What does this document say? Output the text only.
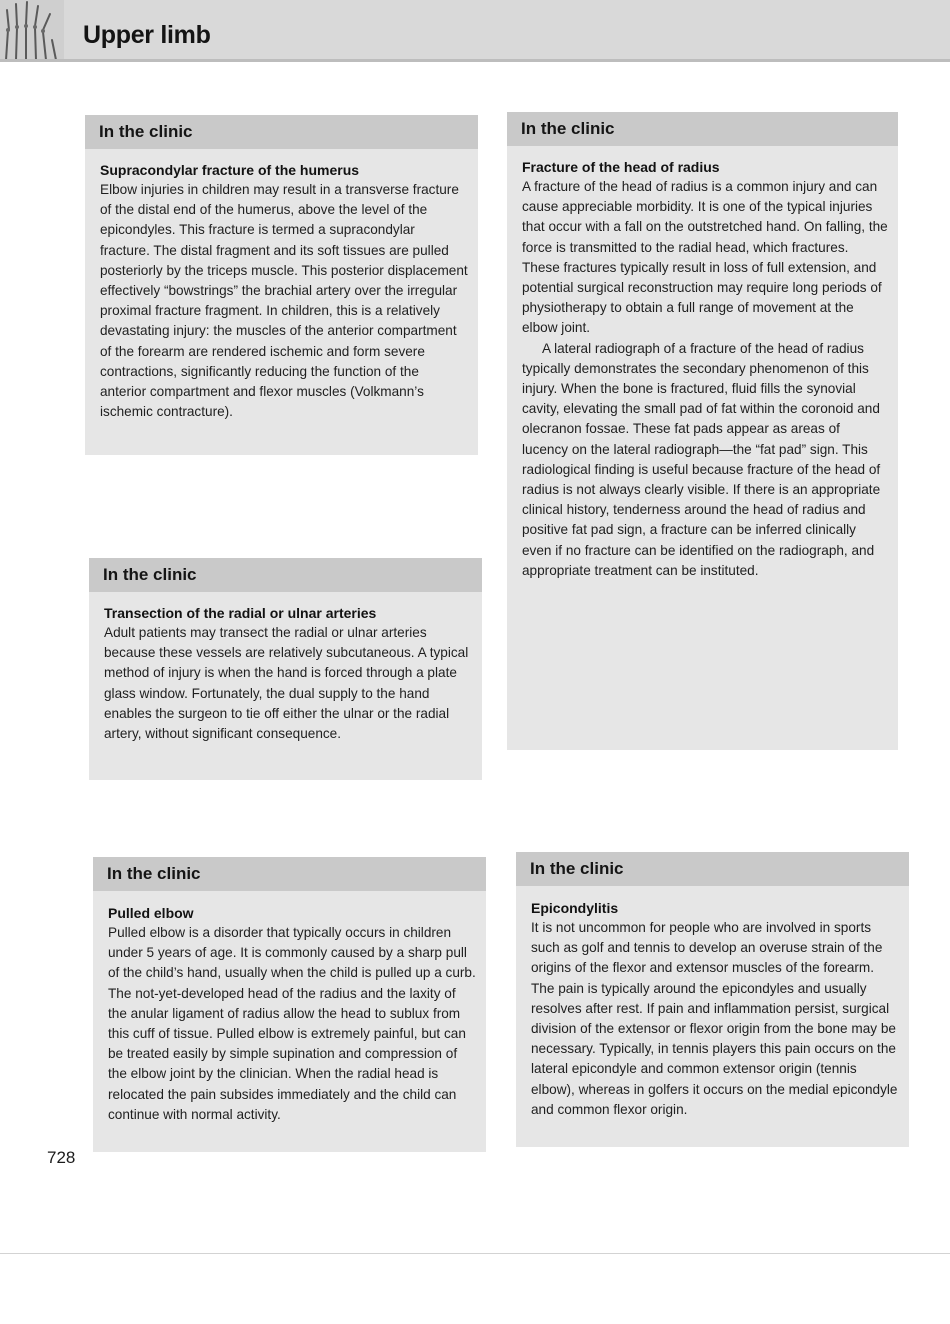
Upper limb
In the clinic
Supracondylar fracture of the humerus

Elbow injuries in children may result in a transverse fracture of the distal end of the humerus, above the level of the epicondyles. This fracture is termed a supracondylar fracture. The distal fragment and its soft tissues are pulled posteriorly by the triceps muscle. This posterior displacement effectively “bowstrings” the brachial artery over the irregular proximal fracture fragment. In children, this is a relatively devastating injury: the muscles of the anterior compartment of the forearm are rendered ischemic and form severe contractions, significantly reducing the function of the anterior compartment and flexor muscles (Volkmann’s ischemic contracture).

In the clinic
Fracture of the head of radius

A fracture of the head of radius is a common injury and can cause appreciable morbidity. It is one of the typical injuries that occur with a fall on the outstretched hand. On falling, the force is transmitted to the radial head, which fractures. These fractures typically result in loss of full extension, and potential surgical reconstruction may require long periods of physiotherapy to obtain a full range of movement at the elbow joint.

A lateral radiograph of a fracture of the head of radius typically demonstrates the secondary phenomenon of this injury. When the bone is fractured, fluid fills the synovial cavity, elevating the small pad of fat within the coronoid and olecranon fossae. These fat pads appear as areas of lucency on the lateral radiograph—the “fat pad” sign. This radiological finding is useful because fracture of the head of radius is not always clearly visible. If there is an appropriate clinical history, tenderness around the head of radius and positive fat pad sign, a fracture can be inferred clinically even if no fracture can be identified on the radiograph, and appropriate treatment can be instituted.

In the clinic
Transection of the radial or ulnar arteries

Adult patients may transect the radial or ulnar arteries because these vessels are relatively subcutaneous. A typical method of injury is when the hand is forced through a plate glass window. Fortunately, the dual supply to the hand enables the surgeon to tie off either the ulnar or the radial artery, without significant consequence.

In the clinic
Pulled elbow

Pulled elbow is a disorder that typically occurs in children under 5 years of age. It is commonly caused by a sharp pull of the child’s hand, usually when the child is pulled up a curb. The not-yet-developed head of the radius and the laxity of the anular ligament of radius allow the head to sublux from this cuff of tissue. Pulled elbow is extremely painful, but can be treated easily by simple supination and compression of the elbow joint by the clinician. When the radial head is relocated the pain subsides immediately and the child can continue with normal activity.

In the clinic
Epicondylitis

It is not uncommon for people who are involved in sports such as golf and tennis to develop an overuse strain of the origins of the flexor and extensor muscles of the forearm. The pain is typically around the epicondyles and usually resolves after rest. If pain and inflammation persist, surgical division of the extensor or flexor origin from the bone may be necessary. Typically, in tennis players this pain occurs on the lateral epicondyle and common extensor origin (tennis elbow), whereas in golfers it occurs on the medial epicondyle and common flexor origin.

728
